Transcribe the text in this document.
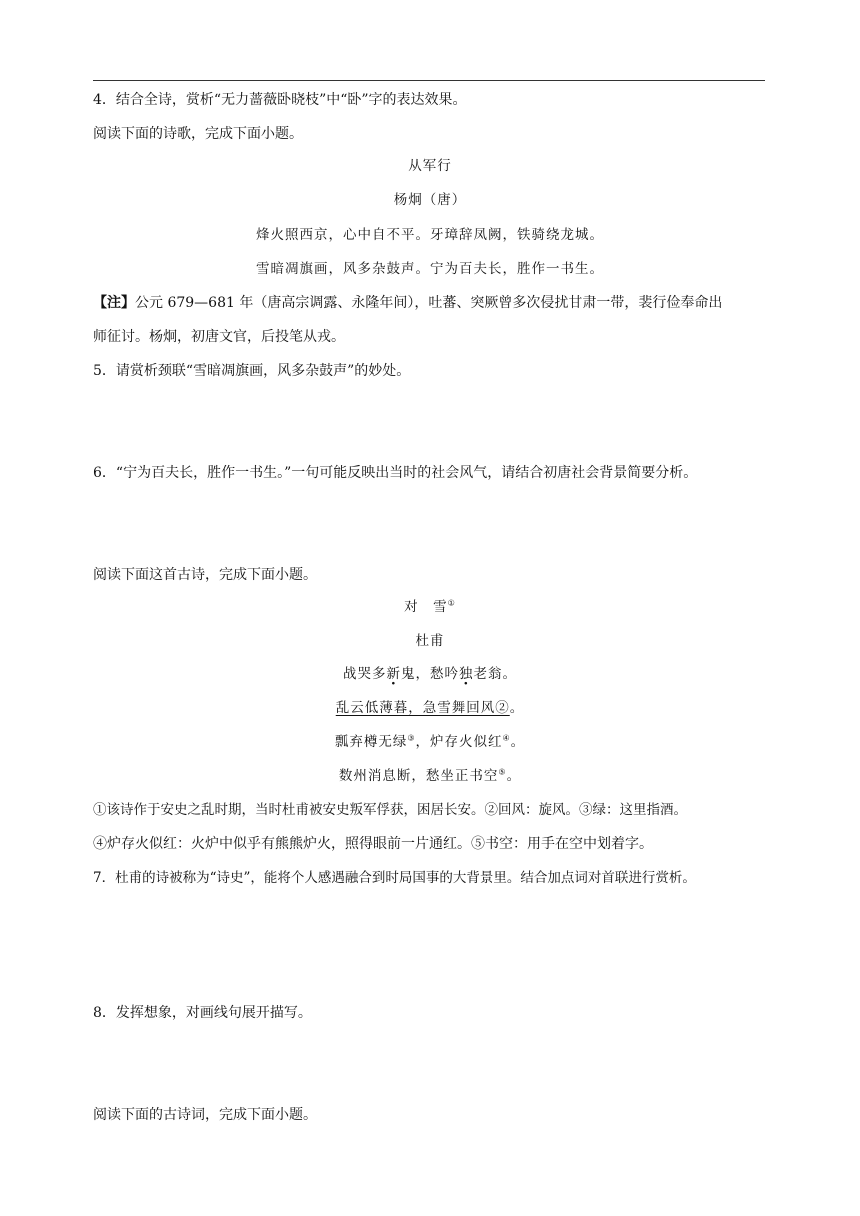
4．结合全诗，赏析“无力蔷薇卧晓枝”中“卧”字的表达效果。
阅读下面的诗歌，完成下面小题。
从军行
杨炯（唐）
烽火照西京，心中自不平。牙璋辞凤阙，铁骑绕龙城。
雪暗凋旗画，风多杂鼓声。宁为百夫长，胜作一书生。
【注】公元 679—681 年（唐高宗调露、永隆年间），吐蕃、突厥曾多次侵扰甘肃一带，裴行俭奉命出
师征讨。杨炯，初唐文官，后投笔从戎。
5．请赏析颈联“雪暗凋旗画，风多杂鼓声”的妙处。
6．“宁为百夫长，胜作一书生。”一句可能反映出当时的社会风气，请结合初唐社会背景简要分析。
阅读下面这首古诗，完成下面小题。
对　雪①
杜甫
战哭多新鬼，愁吟独老翁。
乱云低薄暮，急雪舞回风②。
瓢弃樽无绿③，炉存火似红④。
数州消息断，愁坐正书空⑤。
①该诗作于安史之乱时期，当时杜甫被安史叛军俘获，困居长安。②回风：旋风。③绿：这里指酒。
④炉存火似红：火炉中似乎有熊熊炉火，照得眼前一片通红。⑤书空：用手在空中划着字。
7．杜甫的诗被称为“诗史”，能将个人感遇融合到时局国事的大背景里。结合加点词对首联进行赏析。
8．发挥想象，对画线句展开描写。
阅读下面的古诗词，完成下面小题。
